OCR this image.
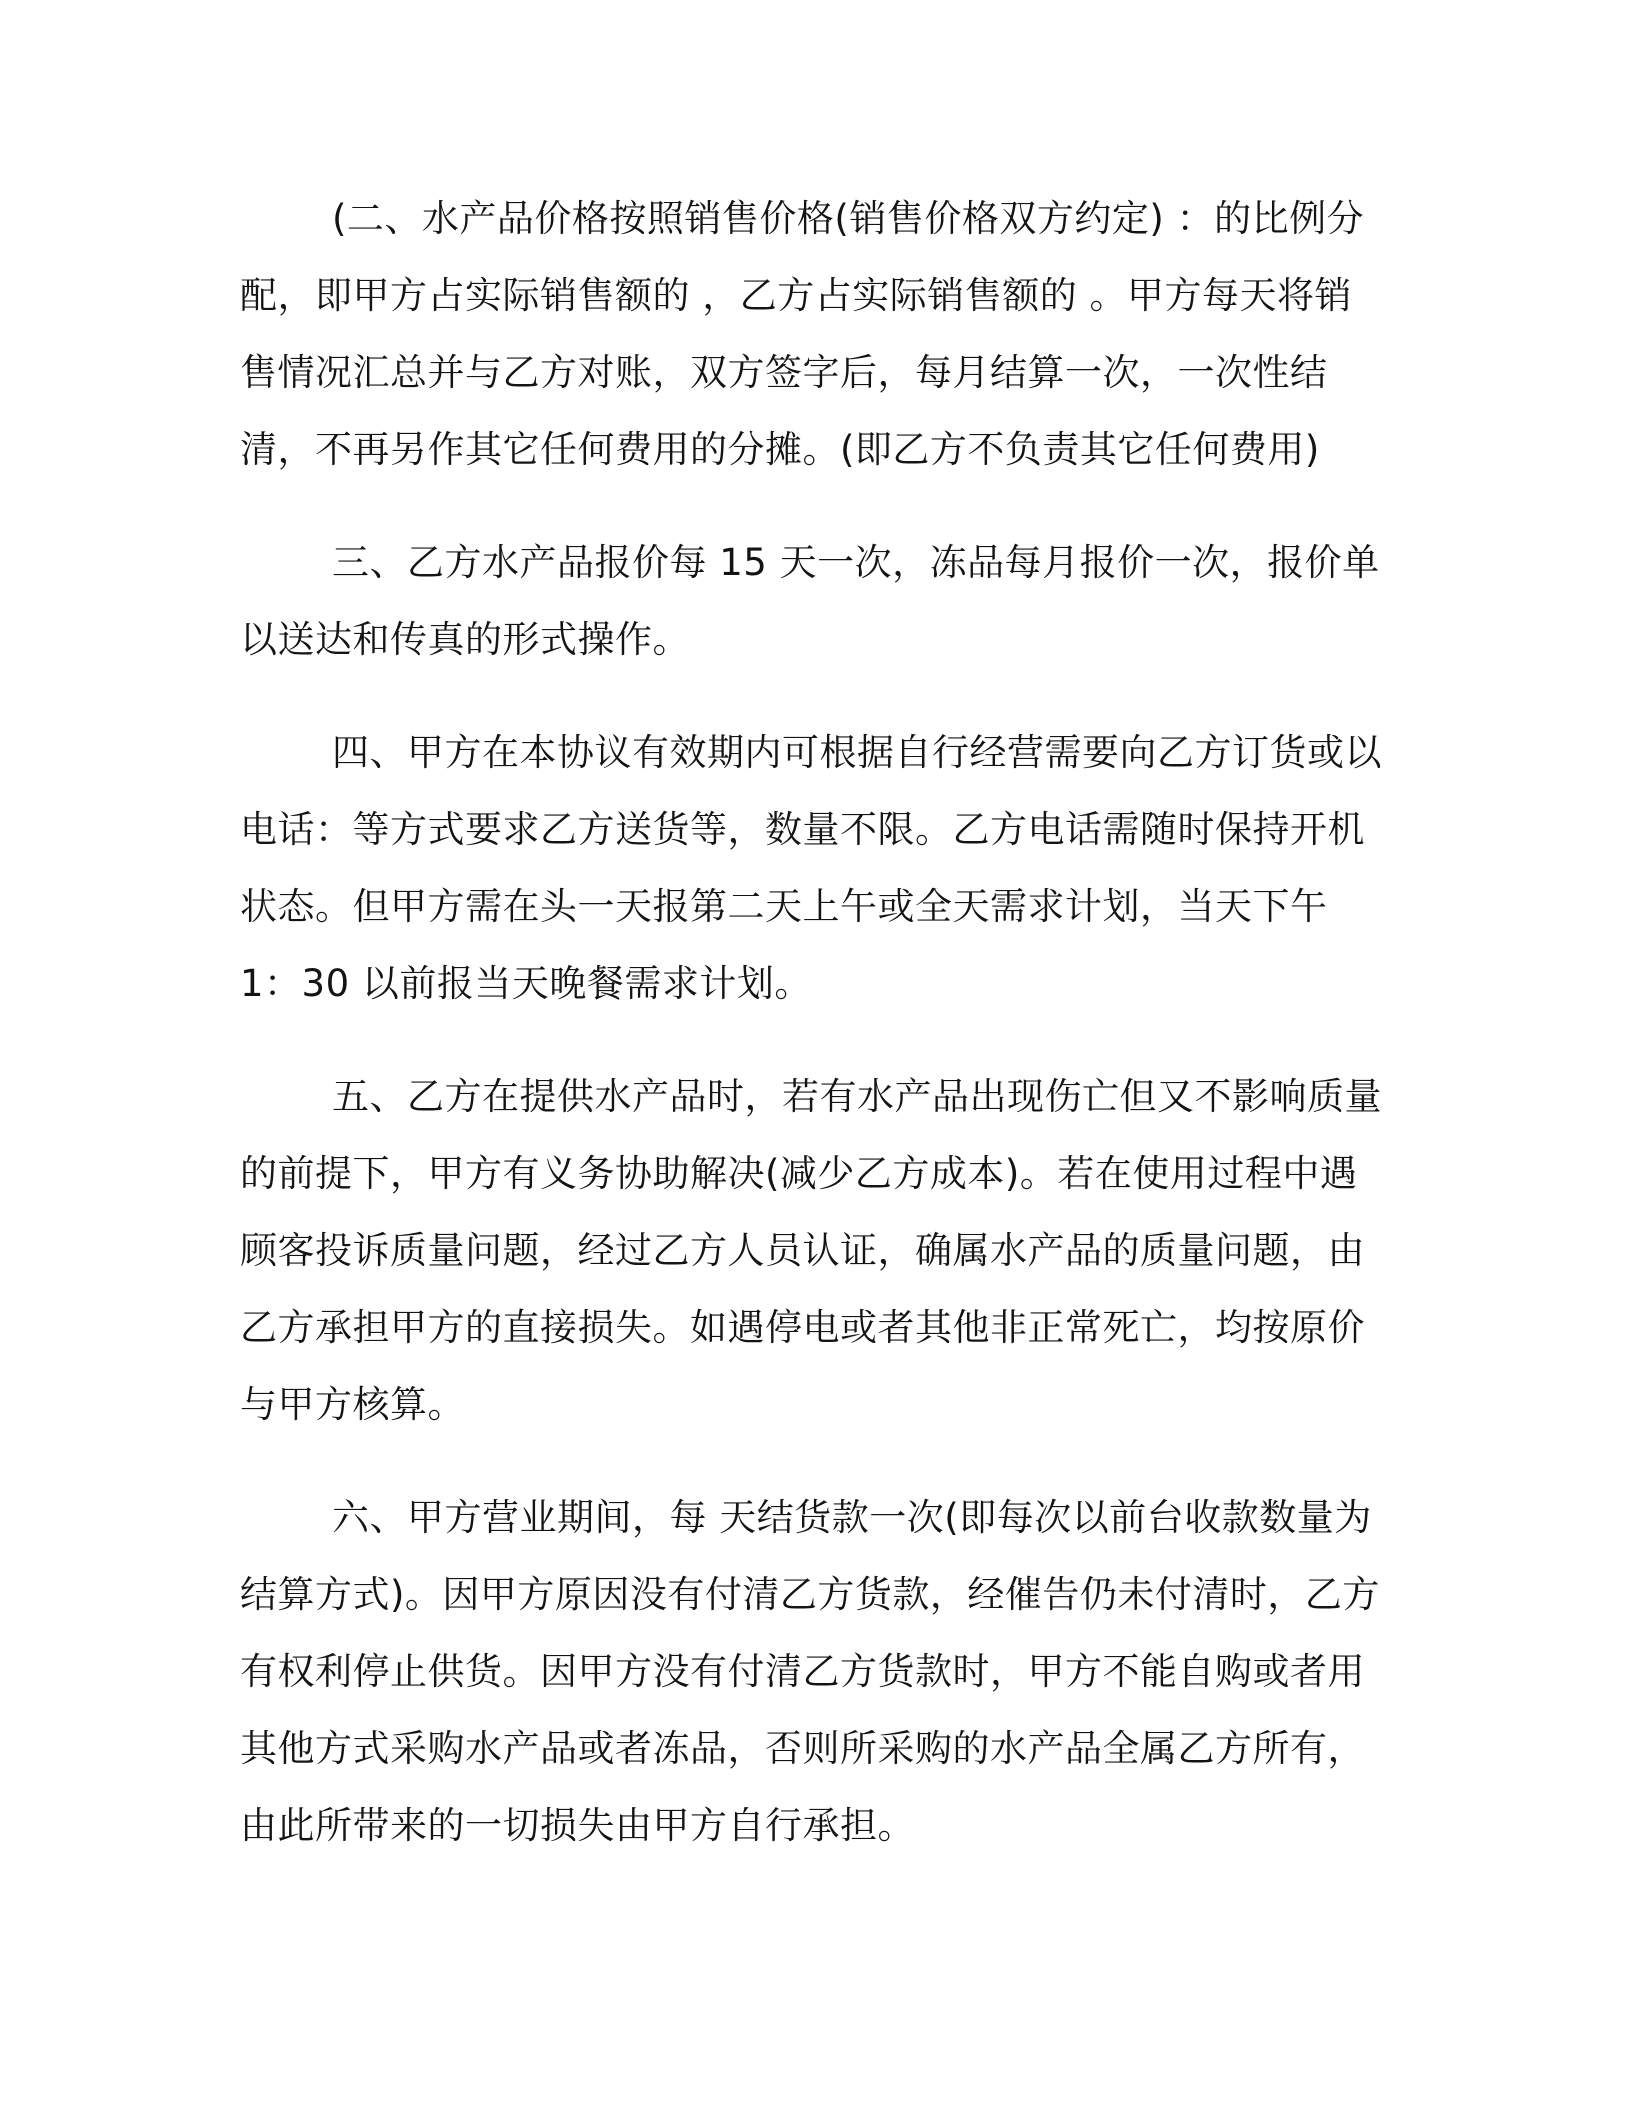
(二、水产品价格按照销售价格(销售价格双方约定) ：的比例分配，即甲方占实际销售额的 ，乙方占实际销售额的 。甲方每天将销售情况汇总并与乙方对账，双方签字后，每月结算一次，一次性结清，不再另作其它任何费用的分摊。(即乙方不负责其它任何费用)

三、乙方水产品报价每 15 天一次，冻品每月报价一次，报价单以送达和传真的形式操作。

四、甲方在本协议有效期内可根据自行经营需要向乙方订货或以电话：等方式要求乙方送货等，数量不限。乙方电话需随时保持开机状态。但甲方需在头一天报第二天上午或全天需求计划，当天下午 1：30 以前报当天晚餐需求计划。

五、乙方在提供水产品时，若有水产品出现伤亡但又不影响质量的前提下，甲方有义务协助解决(减少乙方成本)。若在使用过程中遇顾客投诉质量问题，经过乙方人员认证，确属水产品的质量问题，由乙方承担甲方的直接损失。如遇停电或者其他非正常死亡，均按原价与甲方核算。

六、甲方营业期间，每 天结货款一次(即每次以前台收款数量为结算方式)。因甲方原因没有付清乙方货款，经催告仍未付清时，乙方有权利停止供货。因甲方没有付清乙方货款时，甲方不能自购或者用其他方式采购水产品或者冻品，否则所采购的水产品全属乙方所有，由此所带来的一切损失由甲方自行承担。
